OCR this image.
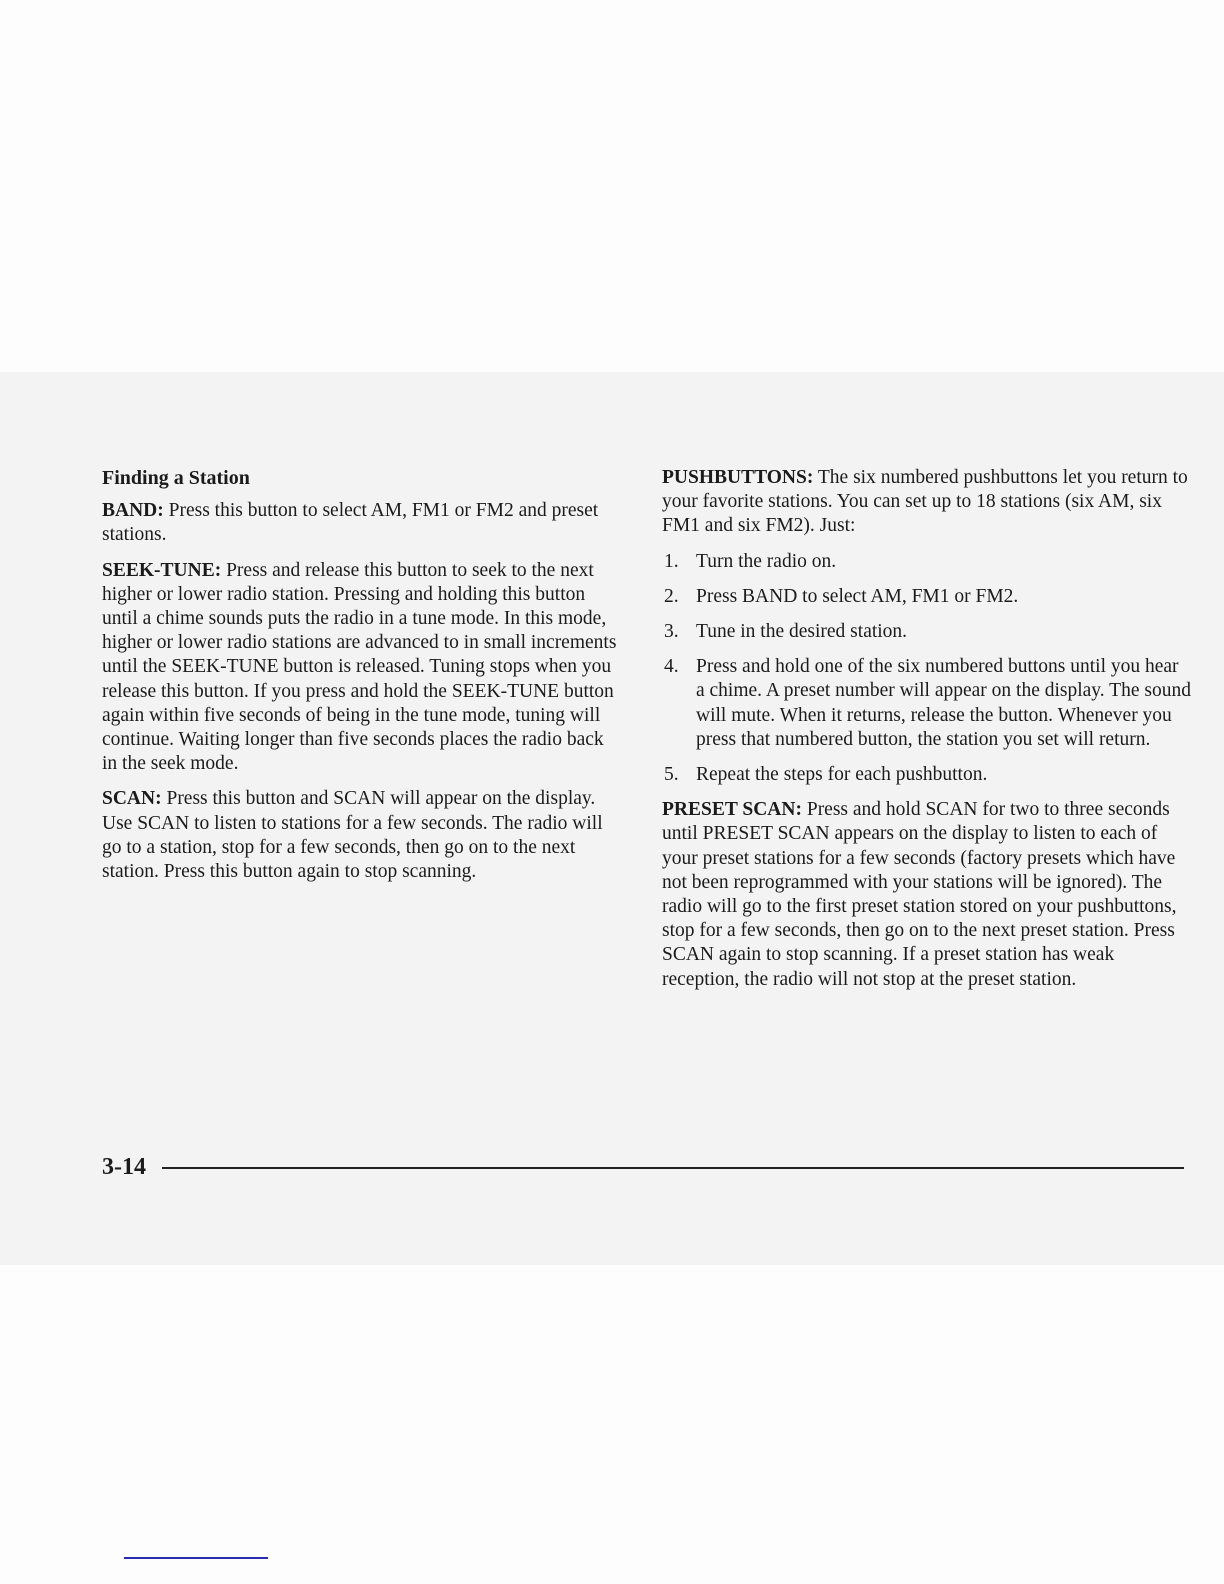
Finding a Station

BAND: Press this button to select AM, FM1 or FM2 and preset stations.

SEEK-TUNE: Press and release this button to seek to the next higher or lower radio station. Pressing and holding this button until a chime sounds puts the radio in a tune mode. In this mode, higher or lower radio stations are advanced to in small increments until the SEEK-TUNE button is released. Tuning stops when you release this button. If you press and hold the SEEK-TUNE button again within five seconds of being in the tune mode, tuning will continue. Waiting longer than five seconds places the radio back in the seek mode.

SCAN: Press this button and SCAN will appear on the display. Use SCAN to listen to stations for a few seconds. The radio will go to a station, stop for a few seconds, then go on to the next station. Press this button again to stop scanning.

PUSHBUTTONS: The six numbered pushbuttons let you return to your favorite stations. You can set up to 18 stations (six AM, six FM1 and six FM2). Just:

1. Turn the radio on.
2. Press BAND to select AM, FM1 or FM2.
3. Tune in the desired station.
4. Press and hold one of the six numbered buttons until you hear a chime. A preset number will appear on the display. The sound will mute. When it returns, release the button. Whenever you press that numbered button, the station you set will return.
5. Repeat the steps for each pushbutton.

PRESET SCAN: Press and hold SCAN for two to three seconds until PRESET SCAN appears on the display to listen to each of your preset stations for a few seconds (factory presets which have not been reprogrammed with your stations will be ignored). The radio will go to the first preset station stored on your pushbuttons, stop for a few seconds, then go on to the next preset station. Press SCAN again to stop scanning. If a preset station has weak reception, the radio will not stop at the preset station.

3-14
